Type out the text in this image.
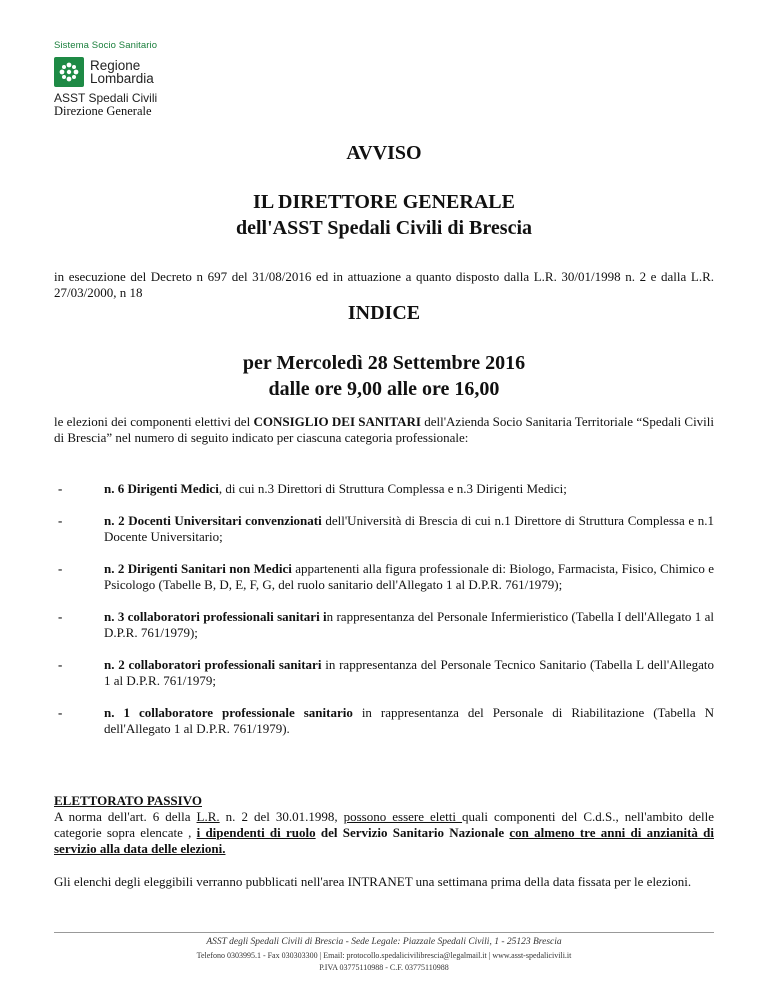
Sistema Socio Sanitario
Regione
Lombardia
ASST Spedali Civili
Direzione Generale
AVVISO
IL DIRETTORE GENERALE
dell'ASST Spedali Civili di Brescia
in esecuzione del Decreto n 697 del 31/08/2016 ed in attuazione a quanto disposto dalla L.R. 30/01/1998 n. 2 e dalla L.R. 27/03/2000, n 18
INDICE
per Mercoledì 28 Settembre 2016
dalle ore 9,00 alle ore 16,00
le elezioni dei componenti elettivi del CONSIGLIO DEI SANITARI dell'Azienda Socio Sanitaria Territoriale “Spedali Civili di Brescia” nel numero di seguito indicato per ciascuna categoria professionale:
-	n. 6 Dirigenti Medici, di cui n.3 Direttori di Struttura Complessa e n.3 Dirigenti Medici;
-	n. 2 Docenti Universitari convenzionati dell'Università di Brescia di cui n.1 Direttore di Struttura Complessa e n.1 Docente Universitario;
-	n. 2 Dirigenti Sanitari non Medici appartenenti alla figura professionale di: Biologo, Farmacista, Fisico, Chimico e Psicologo (Tabelle B, D, E, F, G, del ruolo sanitario dell'Allegato 1 al D.P.R. 761/1979);
-	n. 3 collaboratori professionali sanitari in rappresentanza del Personale Infermieristico (Tabella I dell'Allegato 1 al D.P.R. 761/1979);
-	n. 2 collaboratori professionali sanitari in rappresentanza del Personale Tecnico Sanitario (Tabella L dell'Allegato 1 al D.P.R. 761/1979;
-	n. 1 collaboratore professionale sanitario in rappresentanza del Personale di Riabilitazione (Tabella N dell'Allegato 1 al D.P.R. 761/1979).
ELETTORATO PASSIVO
A norma dell'art. 6 della L.R. n. 2 del 30.01.1998, possono essere eletti quali componenti del C.d.S., nell'ambito delle categorie sopra elencate , i dipendenti di ruolo del Servizio Sanitario Nazionale con almeno tre anni di anzianità di servizio alla data delle elezioni.
Gli elenchi degli eleggibili verranno pubblicati nell'area INTRANET una settimana prima della data fissata per le elezioni.
ASST degli Spedali Civili di Brescia - Sede Legale: Piazzale Spedali Civili, 1 - 25123 Brescia
Telefono 0303995.1 - Fax 030303300 | Email: protocollo.spedalicivilibrescia@legalmail.it | www.asst-spedalicivili.it
P.IVA 03775110988 - C.F. 03775110988
